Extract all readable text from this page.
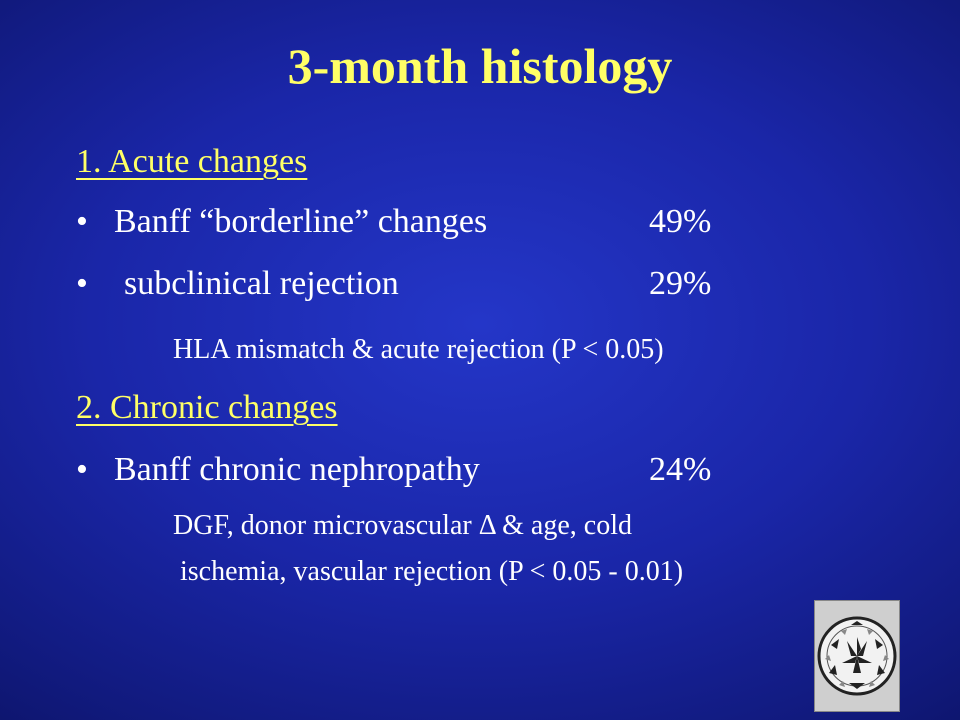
3-month histology
1. Acute changes
• Banff “borderline” changes	49%
• subclinical rejection	29%
HLA mismatch & acute rejection (P < 0.05)
2. Chronic changes
• Banff chronic nephropathy	24%
DGF, donor microvascular Δ & age, cold
ischemia, vascular rejection (P < 0.05 - 0.01)
